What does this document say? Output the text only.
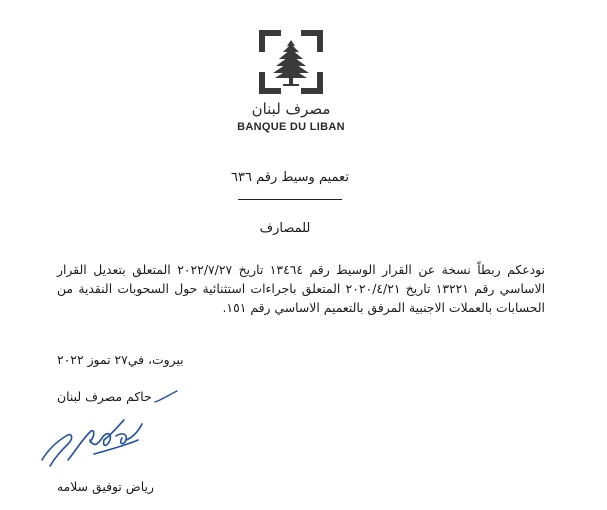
مصرف لبنان
BANQUE DU LIBAN
تعميم وسيط رقم ٦٣٦
للمصارف

نودعكم ربطاً نسخة عن القرار الوسيط رقم ١٣٤٦٤ تاريخ ٢٠٢٢/٧/٢٧ المتعلق بتعديل القرار الاساسي رقم ١٣٢٢١ تاريخ ٢٠٢٠/٤/٢١ المتعلق باجراءات استثنائية حول السحوبات النقدية من الحسابات بالعملات الاجنبية المرفق بالتعميم الاساسي رقم ١٥١.

بيروت، في٢٧ تموز ٢٠٢٢
حاكم مصرف لبنان
رياض توفيق سلامه
